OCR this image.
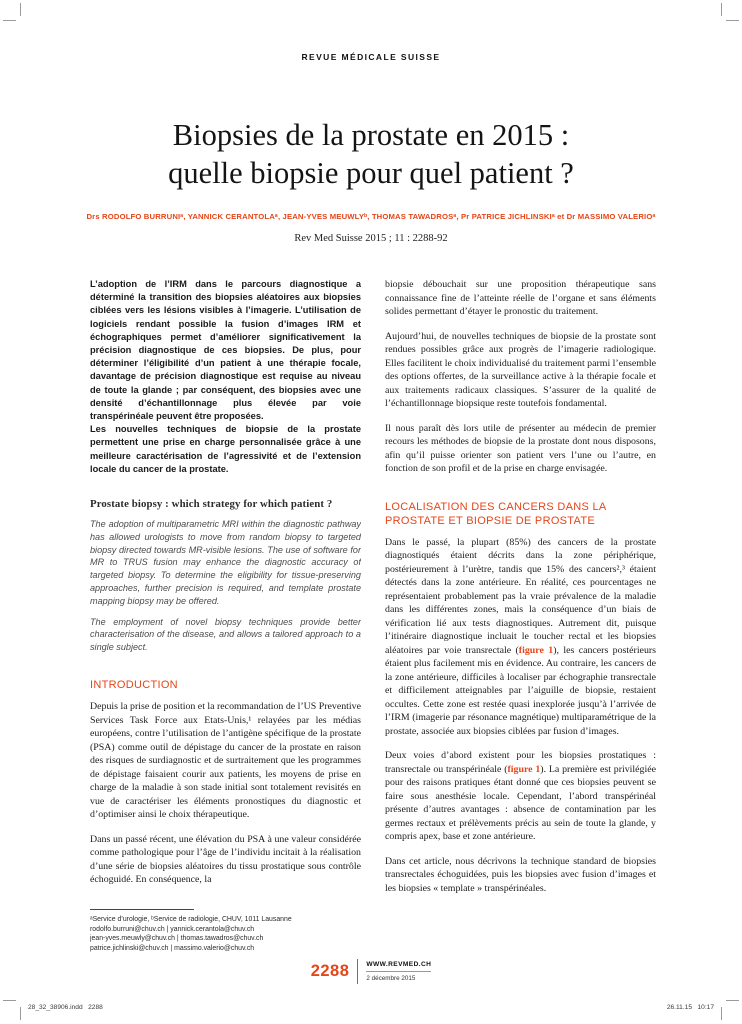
REVUE MÉDICALE SUISSE
Biopsies de la prostate en 2015 :
quelle biopsie pour quel patient ?
Drs RODOLFO BURRUNIᵃ, YANNICK CERANTOLAᵃ, JEAN-YVES MEUWLYᵇ, THOMAS TAWADROSᵃ, Pr PATRICE JICHLINSKIᵃ et Dr MASSIMO VALERIOᵃ
Rev Med Suisse 2015 ; 11 : 2288-92

L’adoption de l’IRM dans le parcours diagnostique a déterminé la transition des biopsies aléatoires aux biopsies ciblées vers les lésions visibles à l’imagerie. L’utilisation de logiciels rendant possible la fusion d’images IRM et échographiques permet d’améliorer significativement la précision diagnostique de ces biopsies. De plus, pour déterminer l’éligibilité d’un patient à une thérapie focale, davantage de précision diagnostique est requise au niveau de toute la glande ; par conséquent, des biopsies avec une densité d’échantillonnage plus élevée par voie transpérinéale peuvent être proposées.

Les nouvelles techniques de biopsie de la prostate permettent une prise en charge personnalisée grâce à une meilleure caractérisation de l’agressivité et de l’extension locale du cancer de la prostate.

Prostate biopsy : which strategy for which patient ?

The adoption of multiparametric MRI within the diagnostic pathway has allowed urologists to move from random biopsy to targeted biopsy directed towards MR-visible lesions. The use of software for MR to TRUS fusion may enhance the diagnostic accuracy of targeted biopsy. To determine the eligibility for tissue-preserving approaches, further precision is required, and template prostate mapping biopsy may be offered.

The employment of novel biopsy techniques provide better characterisation of the disease, and allows a tailored approach to a single subject.

INTRODUCTION

Depuis la prise de position et la recommandation de l’US Preventive Services Task Force aux Etats-Unis,¹ relayées par les médias européens, contre l’utilisation de l’antigène spécifique de la prostate (PSA) comme outil de dépistage du cancer de la prostate en raison des risques de surdiagnostic et de surtraitement que les programmes de dépistage faisaient courir aux patients, les moyens de prise en charge de la maladie à son stade initial sont totalement revisités en vue de caractériser les éléments pronostiques du diagnostic et d’optimiser ainsi le choix thérapeutique.

Dans un passé récent, une élévation du PSA à une valeur considérée comme pathologique pour l’âge de l’individu incitait à la réalisation d’une série de biopsies aléatoires du tissu prostatique sous contrôle échoguidé. En conséquence, la

ᵃService d’urologie, ᵇService de radiologie, CHUV, 1011 Lausanne

rodolfo.burruni@chuv.ch | yannick.cerantola@chuv.ch

jean-yves.meuwly@chuv.ch | thomas.tawadros@chuv.ch

patrice.jichlinski@chuv.ch | massimo.valerio@chuv.ch

biopsie débouchait sur une proposition thérapeutique sans connaissance fine de l’atteinte réelle de l’organe et sans éléments solides permettant d’étayer le pronostic du traitement.

Aujourd’hui, de nouvelles techniques de biopsie de la prostate sont rendues possibles grâce aux progrès de l’imagerie radiologique. Elles facilitent le choix individualisé du traitement parmi l’ensemble des options offertes, de la surveillance active à la thérapie focale et aux traitements radicaux classiques. S’assurer de la qualité de l’échantillonnage biopsique reste toutefois fondamental.

Il nous paraît dès lors utile de présenter au médecin de premier recours les méthodes de biopsie de la prostate dont nous disposons, afin qu’il puisse orienter son patient vers l’une ou l’autre, en fonction de son profil et de la prise en charge envisagée.

LOCALISATION DES CANCERS DANS LA PROSTATE ET BIOPSIE DE PROSTATE

Dans le passé, la plupart (85%) des cancers de la prostate diagnostiqués étaient décrits dans la zone périphérique, postérieurement à l’urètre, tandis que 15% des cancers²,³ étaient détectés dans la zone antérieure. En réalité, ces pourcentages ne représentaient probablement pas la vraie prévalence de la maladie dans les différentes zones, mais la conséquence d’un biais de vérification lié aux tests diagnostiques. Autrement dit, puisque l’itinéraire diagnostique incluait le toucher rectal et les biopsies aléatoires par voie transrectale (figure 1), les cancers postérieurs étaient plus facilement mis en évidence. Au contraire, les cancers de la zone antérieure, difficiles à localiser par échographie transrectale et difficilement atteignables par l’aiguille de biopsie, restaient occultes. Cette zone est restée quasi inexplorée jusqu’à l’arrivée de l’IRM (imagerie par résonance magnétique) multiparamétrique de la prostate, associée aux biopsies ciblées par fusion d’images.

Deux voies d’abord existent pour les biopsies prostatiques : transrectale ou transpérinéale (figure 1). La première est privilégiée pour des raisons pratiques étant donné que ces biopsies peuvent se faire sous anesthésie locale. Cependant, l’abord transpérinéal présente d’autres avantages : absence de contamination par les germes rectaux et prélèvements précis au sein de toute la glande, y compris apex, base et zone antérieure.

Dans cet article, nous décrivons la technique standard de biopsies transrectales échoguidées, puis les biopsies avec fusion d’images et les biopsies « template » transpérinéales.

2288	WWW.REVMED.CH
2 décembre 2015
28_32_38906.indd   2288	26.11.15   10:17
